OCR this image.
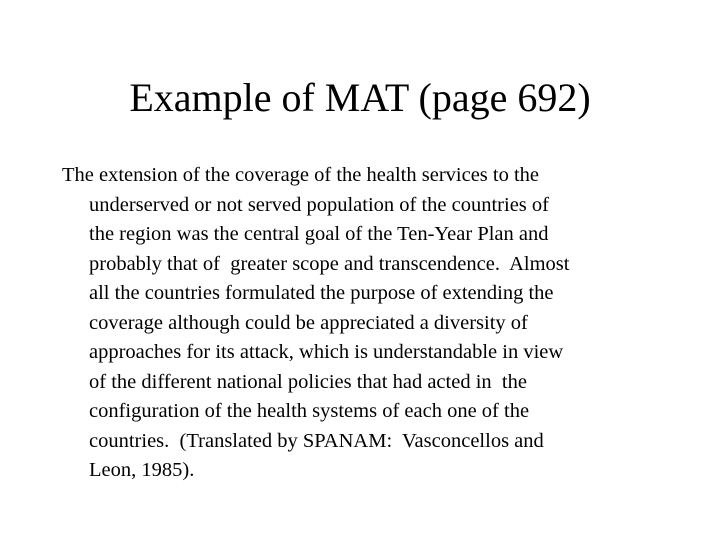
Example of MAT (page 692)
The extension of the coverage of the health services to the
underserved or not served population of the countries of
the region was the central goal of the Ten-Year Plan and
probably that of  greater scope and transcendence.  Almost
all the countries formulated the purpose of extending the
coverage although could be appreciated a diversity of
approaches for its attack, which is understandable in view
of the different national policies that had acted in  the
configuration of the health systems of each one of the
countries.  (Translated by SPANAM:  Vasconcellos and
Leon, 1985).
